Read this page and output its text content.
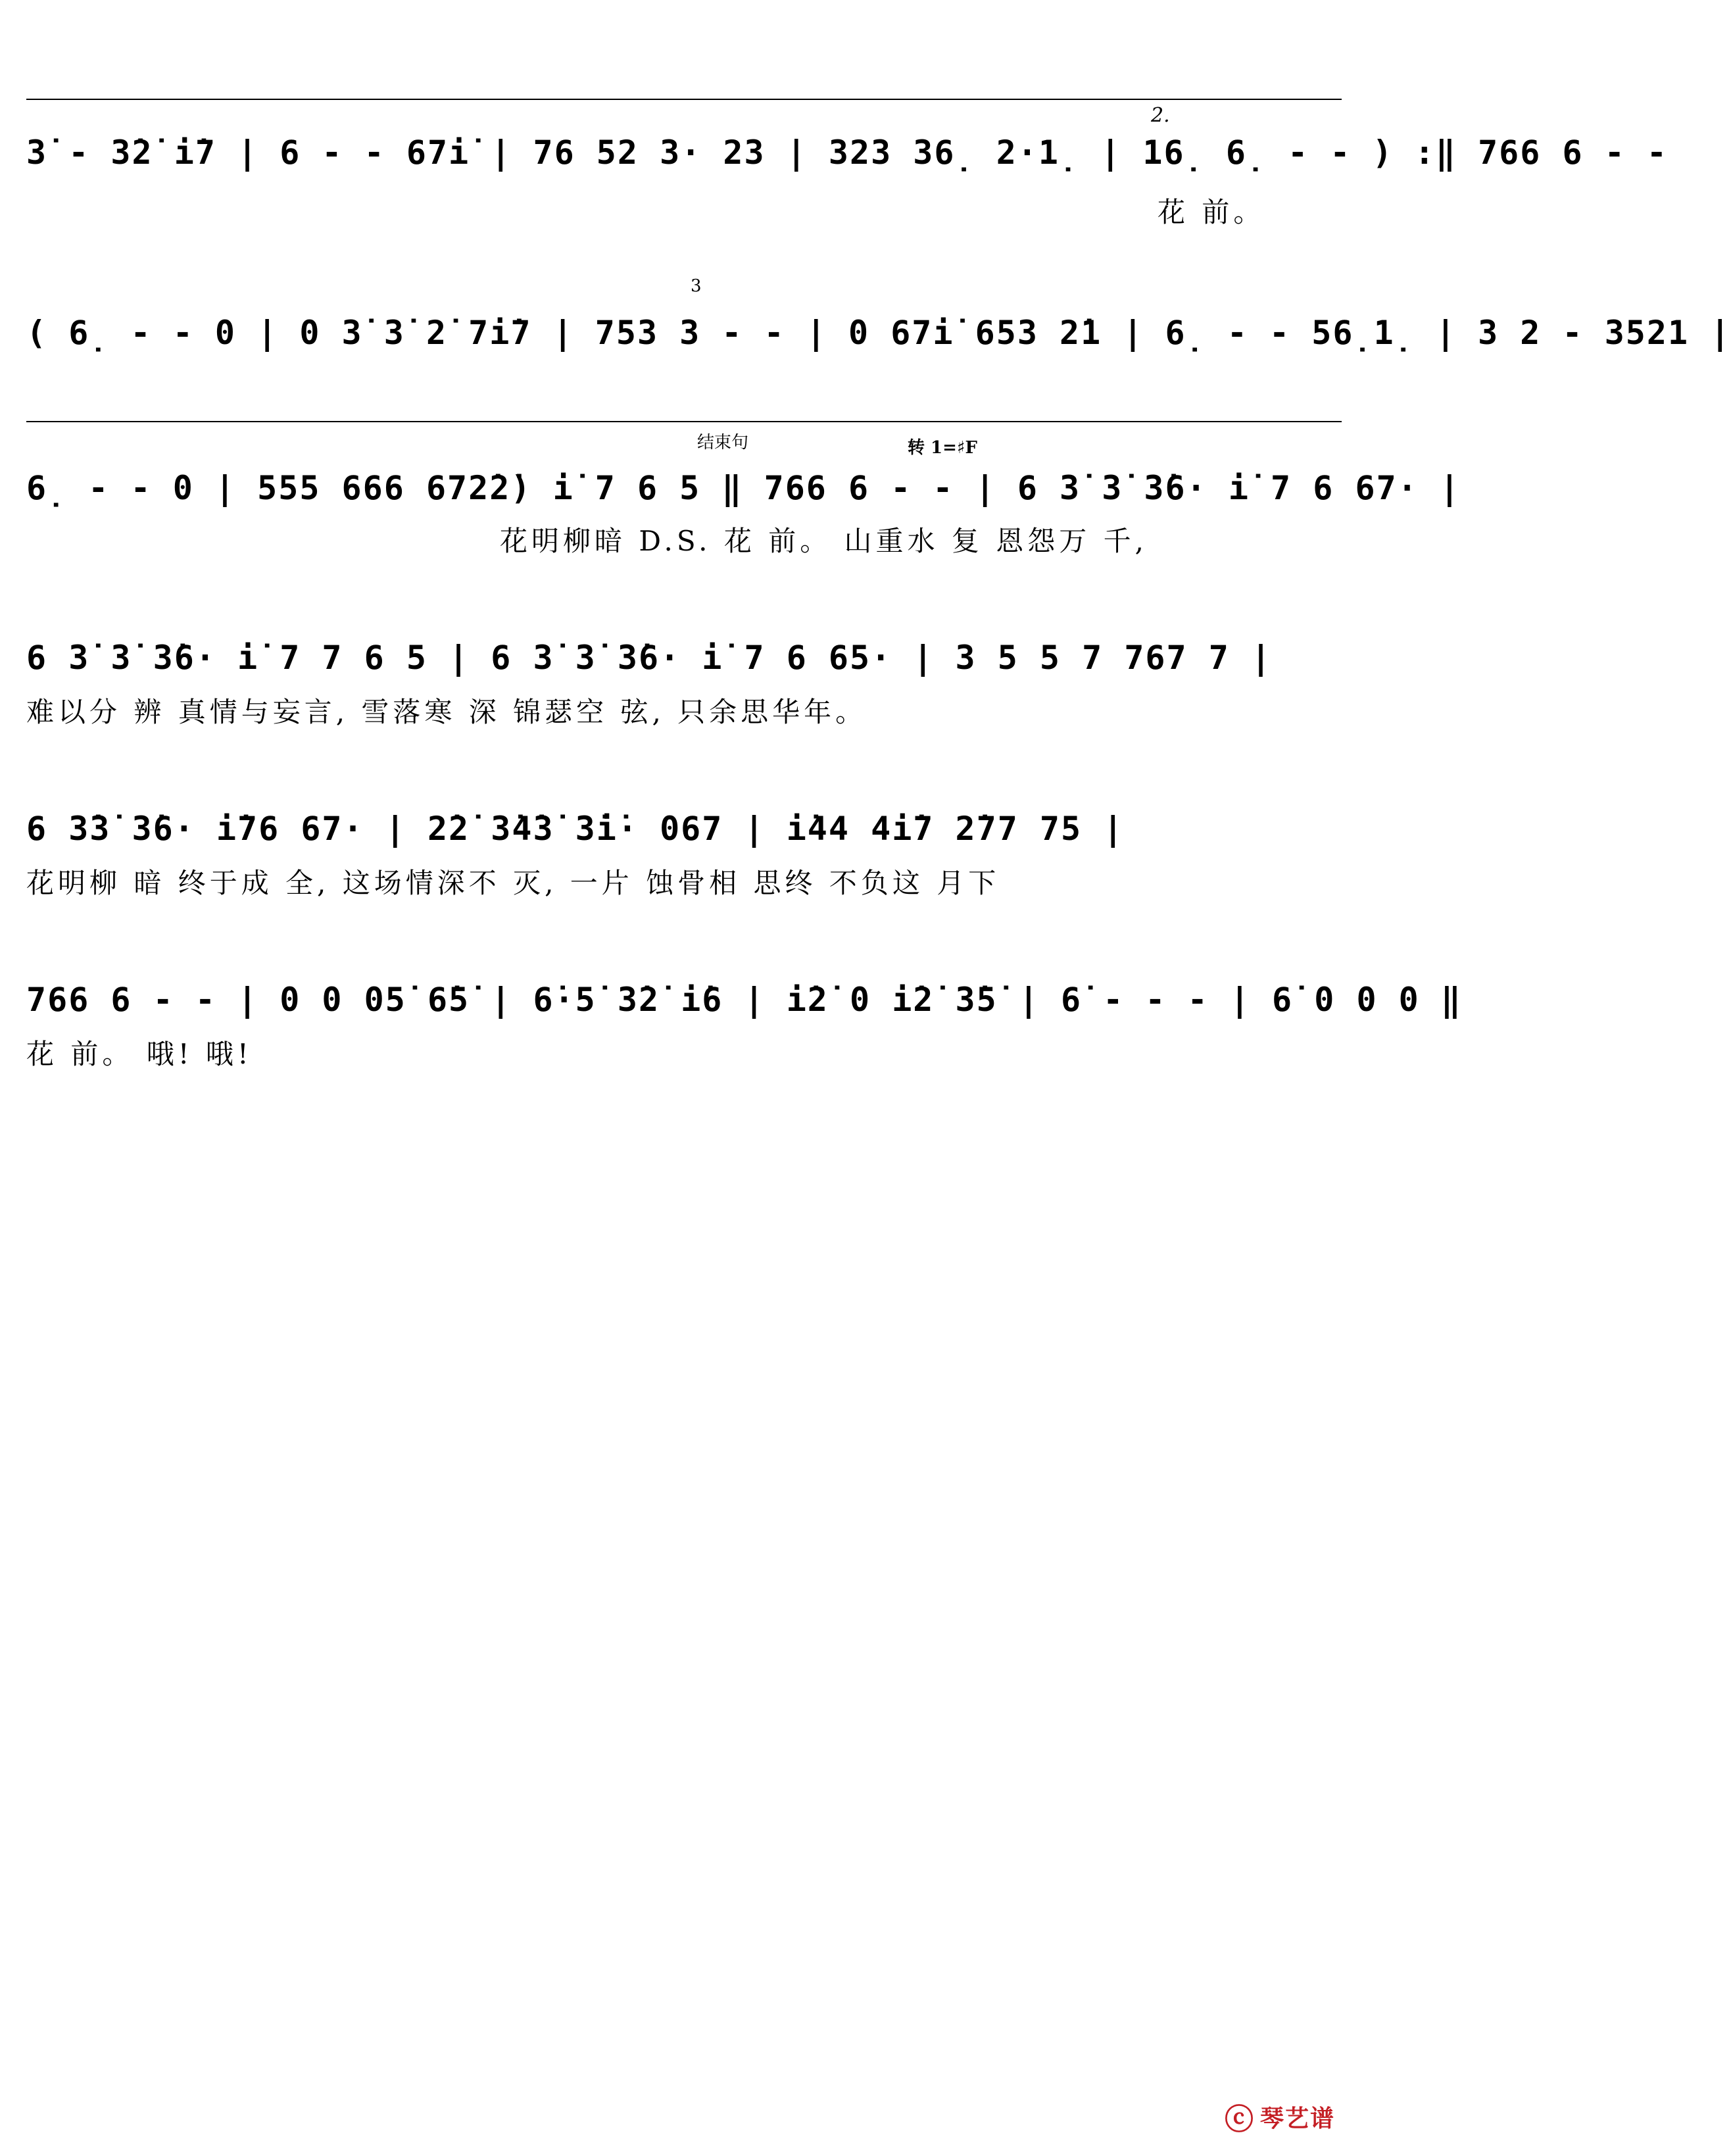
2.
3̇ - 3̇2̇ i̇7 | 6 - - 67i̇ | 76 52 3· 23 | 323 36̣ 2·1̣ | 16̣ 6̣ - - ) :‖ 766 6 - -
花 前。
3
( 6̣ - - 0 | 0 3̇ 3̇ 2̇ 7i̇7 | 753 3 - - | 0 67i̇ 653 2̇1 | 6̣ - - 56̣1̣ | 3 2 - 3521 |
结束句	转 1=♯F
6̣ - - 0 | 555 666 672̇2̇) i̇ 7 6 5 ‖ 766 6 - - | 6 3̇ 3̇ 3̇6· i̇ 7 6 67· |
花明柳暗 D.S. 花 前。 山重水 复 恩怨万 千,
6 3̇ 3̇ 3̇6· i̇ 7 7 6 5 | 6 3̇ 3̇ 3̇6· i̇ 7 6 65· | 3 5 5 7 767 7 |
难以分 辨 真情与妄言, 雪落寒 深 锦瑟空 弦, 只余思华年。
6 3̇3̇ 3̇6· i̇76 67· | 2̇2̇ 3̇4̇3̇ 3̇i̇· 067 | i̇44 4i̇7 2̇77 75 |
花明柳 暗 终于成 全, 这场情深不 灭, 一片 蚀骨相 思终 不负这 月下
766 6 - - | 0 0 05̇ 6̇5̇ | 6̇·5̇ 3̇2̇ i̇6 | i̇2̇ 0 i̇2̇ 3̇5̇ | 6̇ - - - | 6̇ 0 0 0 ‖
花 前。 哦! 哦!
ⓒ 琴艺谱
